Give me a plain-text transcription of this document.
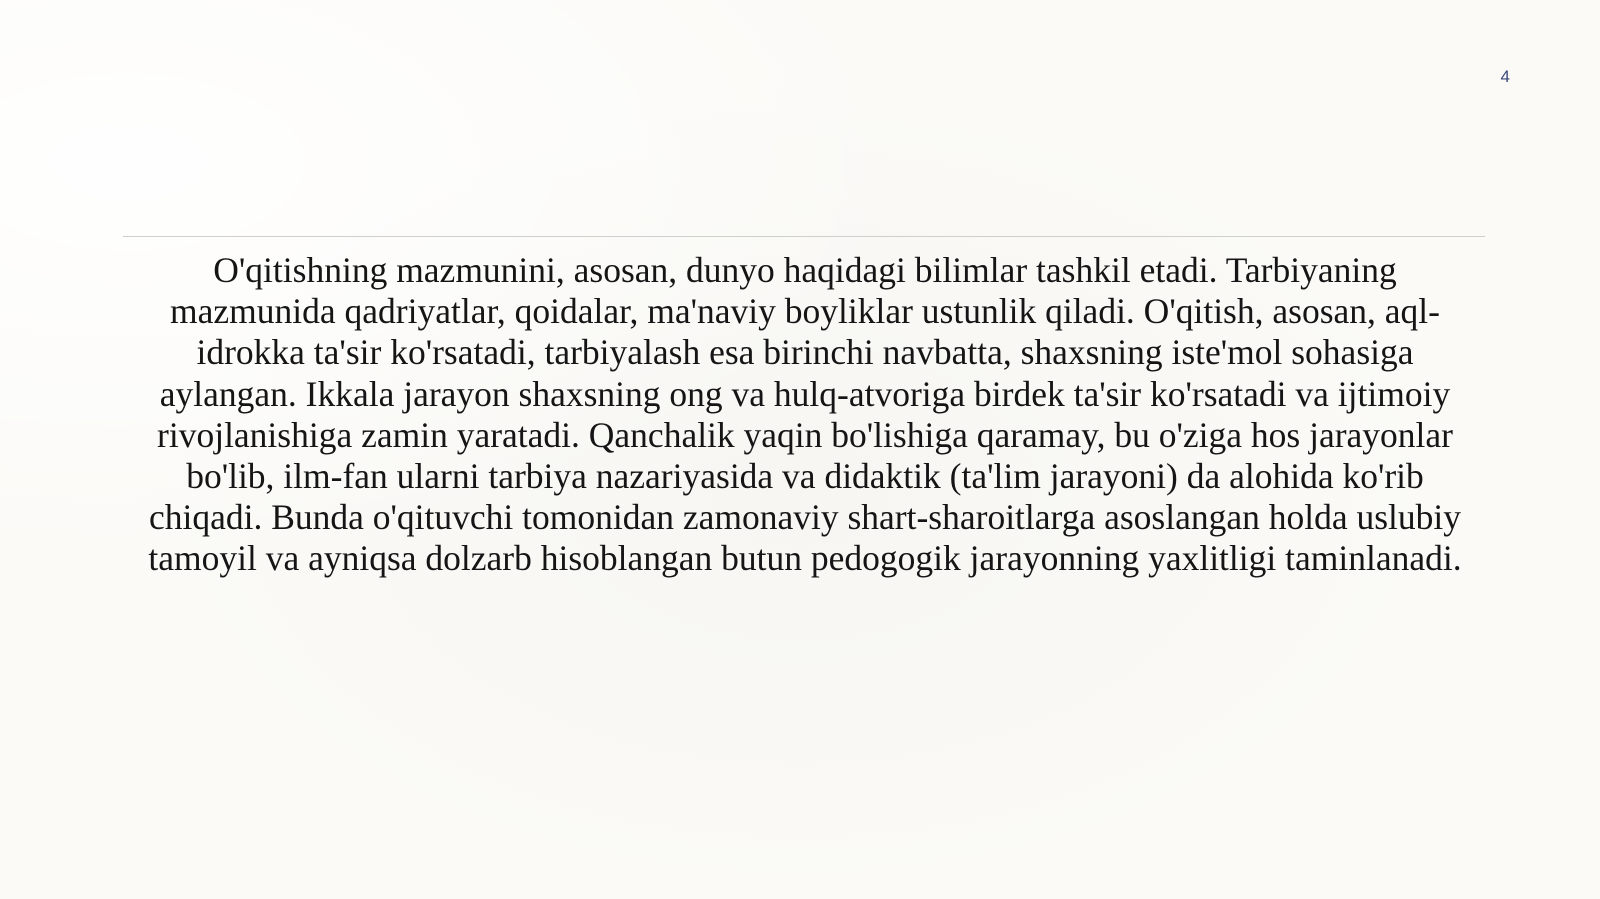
4

O'qitishning mazmunini, asosan, dunyo haqidagi bilimlar tashkil etadi. Tarbiyaning mazmunida qadriyatlar, qoidalar, ma'naviy boyliklar ustunlik qiladi. O'qitish, asosan, aql-idrokka ta'sir ko'rsatadi, tarbiyalash esa birinchi navbatta, shaxsning iste'mol sohasiga aylangan. Ikkala jarayon shaxsning ong va hulq-atvoriga birdek ta'sir ko'rsatadi va ijtimoiy rivojlanishiga zamin yaratadi. Qanchalik yaqin bo'lishiga qaramay, bu o'ziga hos jarayonlar bo'lib, ilm-fan ularni tarbiya nazariyasida va didaktik (ta'lim jarayoni) da alohida ko'rib chiqadi. Bunda o'qituvchi tomonidan zamonaviy shart-sharoitlarga asoslangan holda uslubiy tamoyil va ayniqsa dolzarb hisoblangan butun pedogogik jarayonning yaxlitligi taminlanadi.
